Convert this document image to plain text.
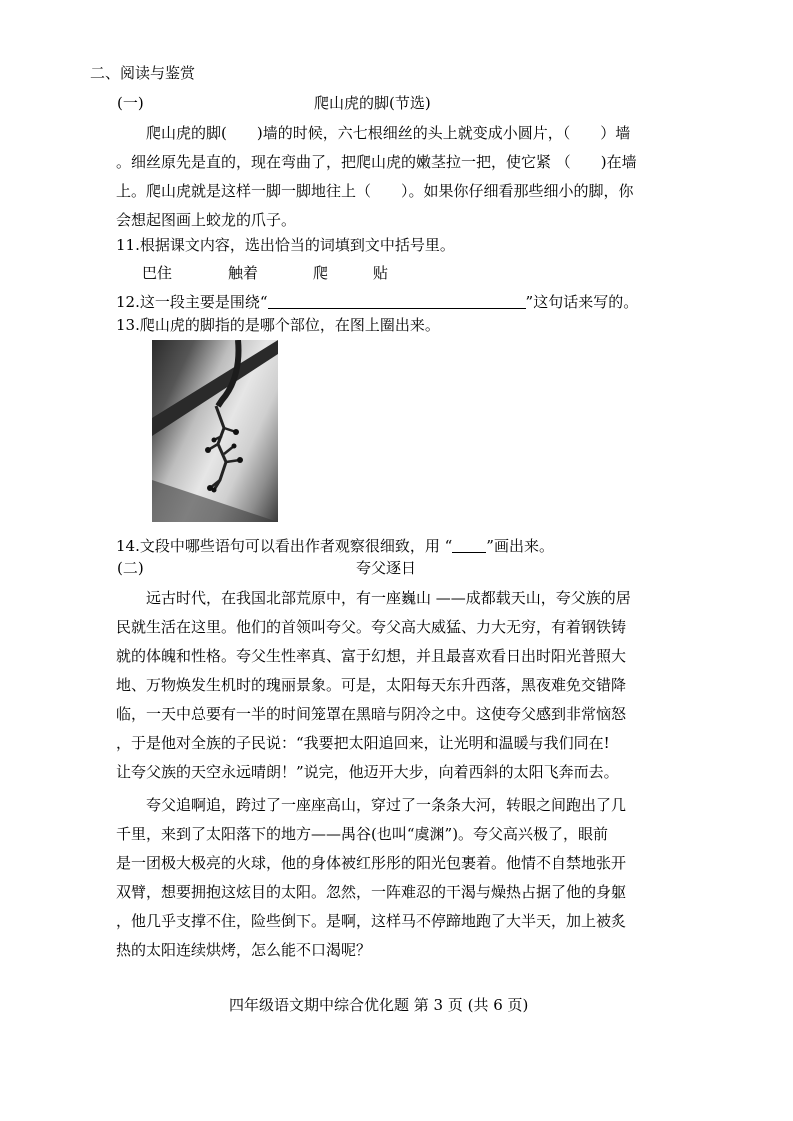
二、阅读与鉴赏
(一)	爬山虎的脚(节选)
爬山虎的脚(　　)墙的时候，六七根细丝的头上就变成小圆片，（　　）墙
。细丝原先是直的，现在弯曲了，把爬山虎的嫩茎拉一把，使它紧 （　　)在墙
上。爬山虎就是这样一脚一脚地往上（　　）。如果你仔细看那些细小的脚，你
会想起图画上蛟龙的爪子。
11.根据课文内容，选出恰当的词填到文中括号里。
巴住	触着	爬	贴
12.这一段主要是围绕“	”这句话来写的。
13.爬山虎的脚指的是哪个部位，在图上圈出来。
14.文段中哪些语句可以看出作者观察很细致，用 “ ”画出来。
(二)	夸父逐日
远古时代，在我国北部荒原中，有一座巍山 ——成都载天山，夸父族的居
民就生活在这里。他们的首领叫夸父。夸父高大威猛、力大无穷，有着钢铁铸
就的体魄和性格。夸父生性率真、富于幻想，并且最喜欢看日出时阳光普照大
地、万物焕发生机时的瑰丽景象。可是，太阳每天东升西落，黑夜难免交错降
临，一天中总要有一半的时间笼罩在黑暗与阴冷之中。这使夸父感到非常恼怒
，于是他对全族的子民说：“我要把太阳追回来，让光明和温暖与我们同在!
让夸父族的天空永远晴朗！”说完，他迈开大步，向着西斜的太阳飞奔而去。
夸父追啊追，跨过了一座座高山，穿过了一条条大河，转眼之间跑出了几
千里，来到了太阳落下的地方——禺谷(也叫“虞渊”)。夸父高兴极了，眼前
是一团极大极亮的火球，他的身体被红彤彤的阳光包裹着。他情不自禁地张开
双臂，想要拥抱这炫目的太阳。忽然，一阵难忍的干渴与燥热占据了他的身躯
，他几乎支撑不住，险些倒下。是啊，这样马不停蹄地跑了大半天，加上被炙
热的太阳连续烘烤，怎么能不口渴呢？
四年级语文期中综合优化题 第 3 页 (共 6 页)
